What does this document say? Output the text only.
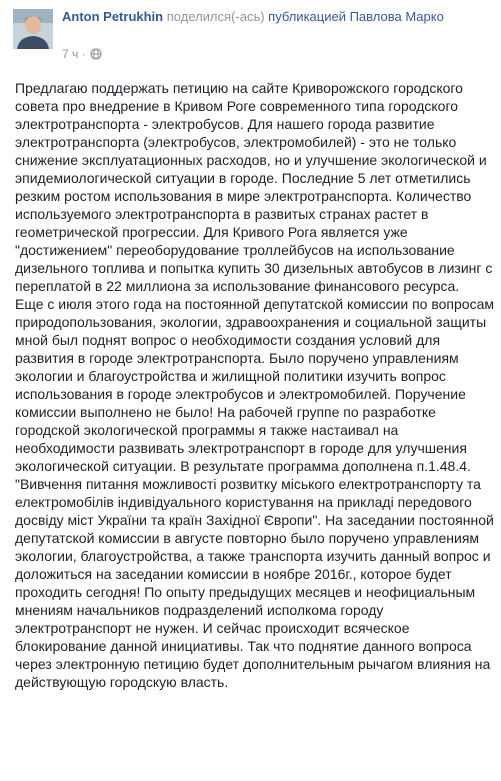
Anton Petrukhin поделился(-ась) публикацией Павлова Марко
7 ч ·

Предлагаю поддержать петицию на сайте Криворожского городского совета про внедрение в Кривом Роге современного типа городского электротранспорта - электробусов. Для нашего города развитие электротранспорта (электробусов, электромобилей) - это не только снижение эксплуатационных расходов, но и улучшение экологической и эпидемиологической ситуации в городе. Последние 5 лет отметились резким ростом использования в мире электротранспорта. Количество используемого электротранспорта в развитых странах растет в геометрической прогрессии. Для Кривого Рога является уже "достижением" переоборудование троллейбусов на использование дизельного топлива и попытка купить 30 дизельных автобусов в лизинг с переплатой в 22 миллиона за использование финансового ресурса.

Еще с июля этого года на постоянной депутатской комиссии по вопросам природопользования, экологии, здравоохранения и социальной защиты мной был поднят вопрос о необходимости создания условий для развития в городе электротранспорта. Было поручено управлениям экологии и благоустройства и жилищной политики изучить вопрос использования в городе электробусов и электромобилей. Поручение комиссии выполнено не было! На рабочей группе по разработке городской экологической программы я также настаивал на необходимости развивать электротранспорт в городе для улучшения экологической ситуации. В результате программа дополнена п.1.48.4. "Вивчення питання можливості розвитку міського електротранспорту та електромобілів індивідуального користування на прикладі передового досвіду міст України та країн Західної Європи". На заседании постоянной депутатской комиссии в августе повторно было поручено управлениям экологии, благоустройства, а также транспорта изучить данный вопрос и доложиться на заседании комиссии в ноябре 2016г., которое будет проходить сегодня! По опыту предыдущих месяцев и неофициальным мнениям начальников подразделений исполкома городу электротранспорт не нужен. И сейчас происходит всяческое блокирование данной инициативы. Так что поднятие данного вопроса через электронную петицию будет дополнительным рычагом влияния на действующую городскую власть.
